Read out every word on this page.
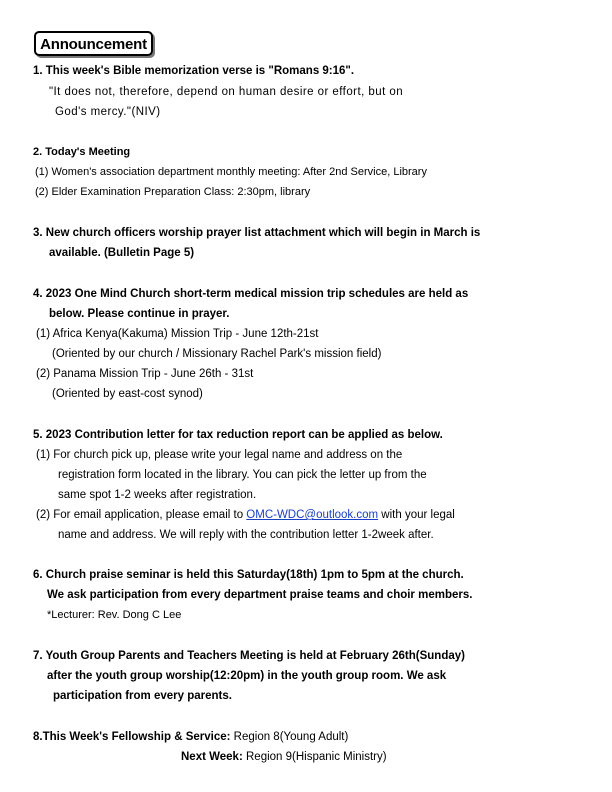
Announcement
1. This week's Bible memorization verse is "Romans 9:16".
"It does not, therefore, depend on human desire or effort, but on
God's mercy."(NIV)
2. Today's Meeting
(1) Women's association department monthly meeting: After 2nd Service, Library
(2) Elder Examination Preparation Class: 2:30pm, library
3. New church officers worship prayer list attachment which will begin in March is
available. (Bulletin Page 5)
4. 2023 One Mind Church short-term medical mission trip schedules are held as
below. Please continue in prayer.
(1) Africa Kenya(Kakuma) Mission Trip - June 12th-21st
(Oriented by our church / Missionary Rachel Park's mission field)
(2) Panama Mission Trip - June 26th - 31st
(Oriented by east-cost synod)
5. 2023 Contribution letter for tax reduction report can be applied as below.
(1) For church pick up, please write your legal name and address on the
registration form located in the library. You can pick the letter up from the
same spot 1-2 weeks after registration.
(2) For email application, please email to OMC-WDC@outlook.com with your legal
name and address. We will reply with the contribution letter 1-2week after.
6. Church praise seminar is held this Saturday(18th) 1pm to 5pm at the church.
We ask participation from every department praise teams and choir members.
*Lecturer: Rev. Dong C Lee
7. Youth Group Parents and Teachers Meeting is held at February 26th(Sunday)
after the youth group worship(12:20pm) in the youth group room. We ask
participation from every parents.
8.This Week's Fellowship & Service: Region 8(Young Adult)
Next Week: Region 9(Hispanic Ministry)
